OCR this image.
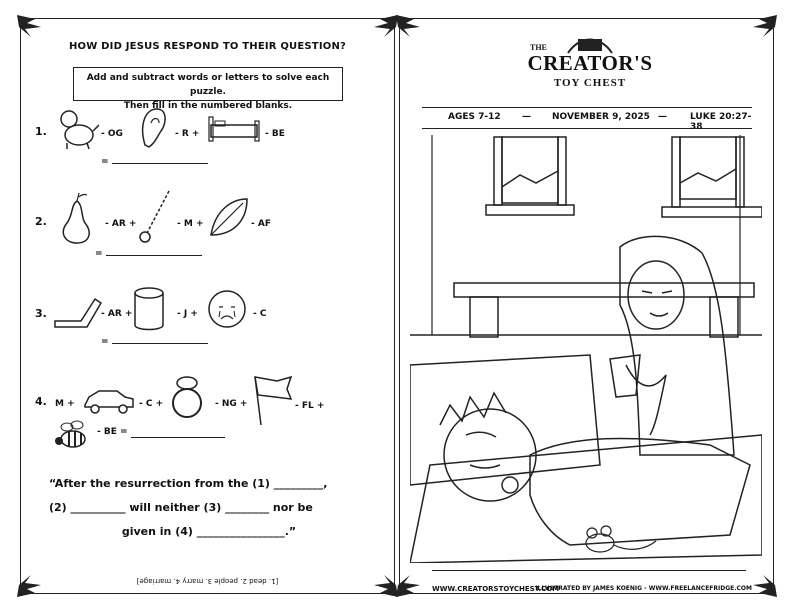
HOW DID JESUS RESPOND TO THEIR QUESTION?
Add and subtract words or letters to solve each puzzle.
Then fill in the numbered blanks.
1.	- OG	- R +	- BE
=
2.	- AR +	- M +	- AF
=
3.	- AR +	- J +	- C
=
4. M +	- C +	- NG +	- FL +
- BE =
“After the resurrection from the (1) _________,
(2) __________ will neither (3) ________ nor be
given in (4) ________________.”
[1. dead 2. people 3. marry 4. marriage]
THE
CREATOR'S
TOY CHEST
AGES 7-12 — NOVEMBER 9, 2025 —	LUKE 20:27-38
WWW.CREATORSTOYCHEST.COM
ILLUSTRATED BY JAMES KOENIG - WWW.FREELANCEFRIDGE.COM
